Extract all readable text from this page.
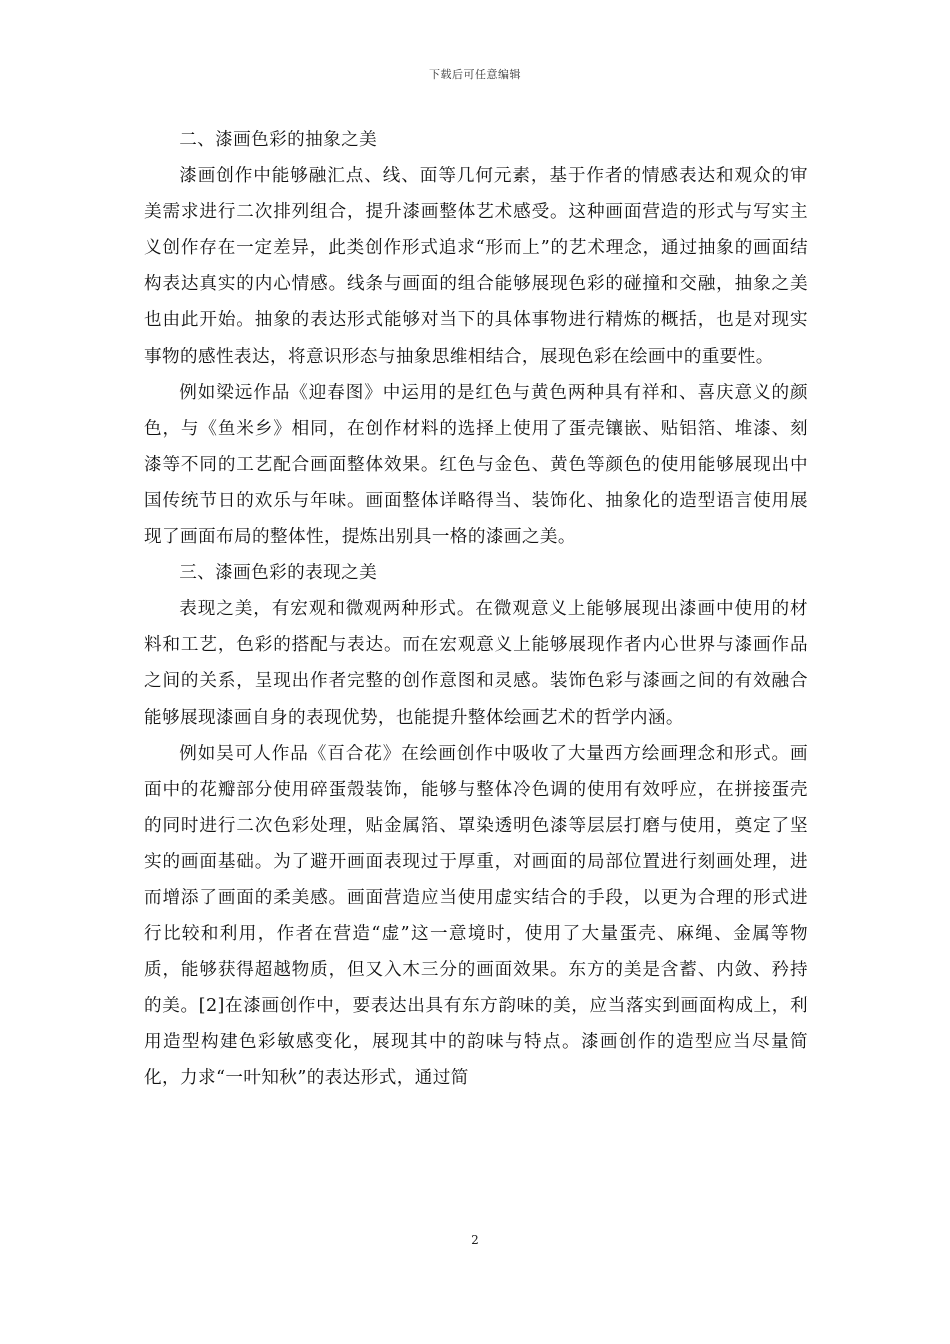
下载后可任意编辑

二、漆画色彩的抽象之美

漆画创作中能够融汇点、线、面等几何元素，基于作者的情感表达和观众的审美需求进行二次排列组合，提升漆画整体艺术感受。这种画面营造的形式与写实主义创作存在一定差异，此类创作形式追求“形而上”的艺术理念，通过抽象的画面结构表达真实的内心情感。线条与画面的组合能够展现色彩的碰撞和交融，抽象之美也由此开始。抽象的表达形式能够对当下的具体事物进行精炼的概括，也是对现实事物的感性表达，将意识形态与抽象思维相结合，展现色彩在绘画中的重要性。

例如梁远作品《迎春图》中运用的是红色与黄色两种具有祥和、喜庆意义的颜色，与《鱼米乡》相同，在创作材料的选择上使用了蛋壳镶嵌、贴铝箔、堆漆、刻漆等不同的工艺配合画面整体效果。红色与金色、黄色等颜色的使用能够展现出中国传统节日的欢乐与年味。画面整体详略得当、装饰化、抽象化的造型语言使用展现了画面布局的整体性，提炼出别具一格的漆画之美。

三、漆画色彩的表现之美

表现之美，有宏观和微观两种形式。在微观意义上能够展现出漆画中使用的材料和工艺，色彩的搭配与表达。而在宏观意义上能够展现作者内心世界与漆画作品之间的关系，呈现出作者完整的创作意图和灵感。装饰色彩与漆画之间的有效融合能够展现漆画自身的表现优势，也能提升整体绘画艺术的哲学内涵。

例如吴可人作品《百合花》在绘画创作中吸收了大量西方绘画理念和形式。画面中的花瓣部分使用碎蛋殼装饰，能够与整体冷色调的使用有效呼应，在拼接蛋壳的同时进行二次色彩处理，贴金属箔、罩染透明色漆等层层打磨与使用，奠定了坚实的画面基础。为了避开画面表现过于厚重，对画面的局部位置进行刻画处理，进而增添了画面的柔美感。画面营造应当使用虚实结合的手段，以更为合理的形式进行比较和利用，作者在营造“虚”这一意境时，使用了大量蛋壳、麻绳、金属等物质，能够获得超越物质，但又入木三分的画面效果。东方的美是含蓄、内敛、矜持的美。[2]在漆画创作中，要表达出具有东方韵味的美，应当落实到画面构成上，利用造型构建色彩敏感变化，展现其中的韵味与特点。漆画创作的造型应当尽量简化，力求“一叶知秋”的表达形式，通过简

2
